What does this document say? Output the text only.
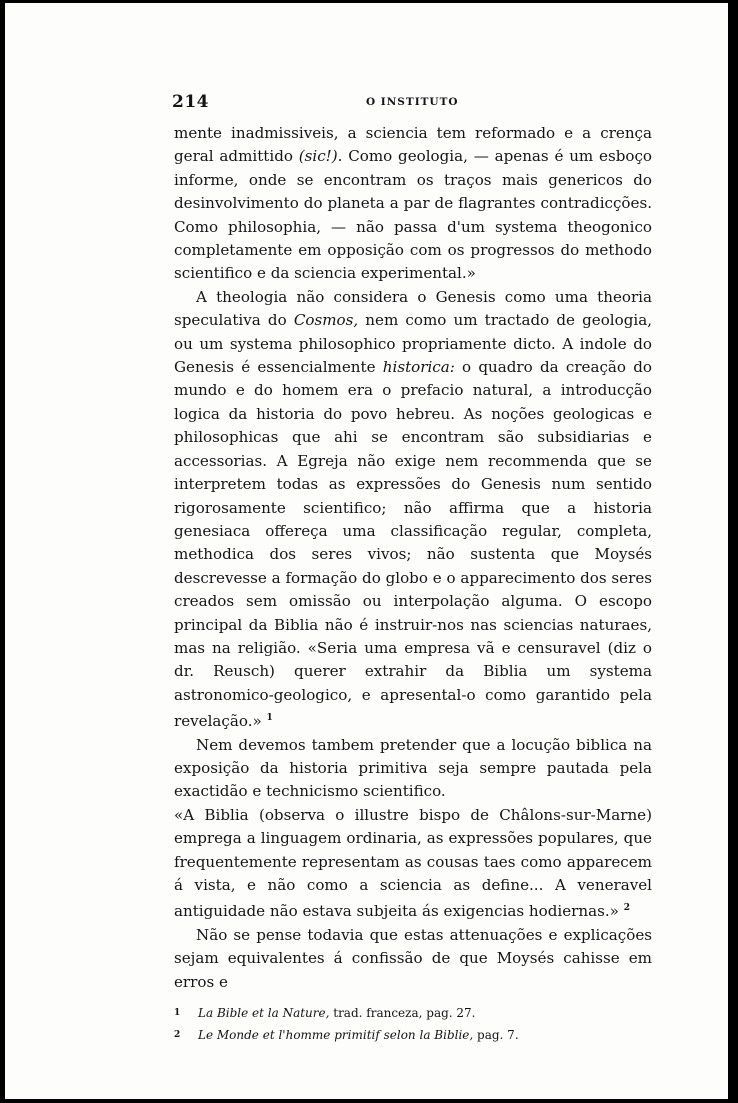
214	O INSTITUTO

mente inadmissiveis, a sciencia tem reformado e a crença geral admittido (sic!). Como geologia, — apenas é um esboço informe, onde se encontram os traços mais genericos do desinvolvimento do planeta a par de flagrantes contradicções. Como philosophia, — não passa d'um systema theogonico completamente em opposição com os progressos do methodo scientifico e da sciencia experimental.»

A theologia não considera o Genesis como uma theoria speculativa do Cosmos, nem como um tractado de geologia, ou um systema philosophico propriamente dicto. A indole do Genesis é essencialmente historica: o quadro da creação do mundo e do homem era o prefacio natural, a introducção logica da historia do povo hebreu. As noções geologicas e philosophicas que ahi se encontram são subsidiarias e accessorias. A Egreja não exige nem recommenda que se interpretem todas as expressões do Genesis num sentido rigorosamente scientifico; não affirma que a historia genesiaca offereça uma classificação regular, completa, methodica dos seres vivos; não sustenta que Moysés descrevesse a formação do globo e o apparecimento dos seres creados sem omissão ou interpolação alguma. O escopo principal da Biblia não é instruir-nos nas sciencias naturaes, mas na religião. «Seria uma empresa vã e censuravel (diz o dr. Reusch) querer extrahir da Biblia um systema astronomico-geologico, e apresental-o como garantido pela revelação.» $^1$

Nem devemos tambem pretender que a locução biblica na exposição da historia primitiva seja sempre pautada pela exactidão e technicismo scientifico.

«A Biblia (observa o illustre bispo de Châlons-sur-Marne) emprega a linguagem ordinaria, as expressões populares, que frequentemente representam as cousas taes como apparecem á vista, e não como a sciencia as define... A veneravel antiguidade não estava subjeita ás exigencias hodiernas.» $^2$

Não se pense todavia que estas attenuações e explicações sejam equivalentes á confissão de que Moysés cahisse em erros e

1 La Bible et la Nature, trad. franceza, pag. 27.

2 Le Monde et l'homme primitif selon la Biblie, pag. 7.
